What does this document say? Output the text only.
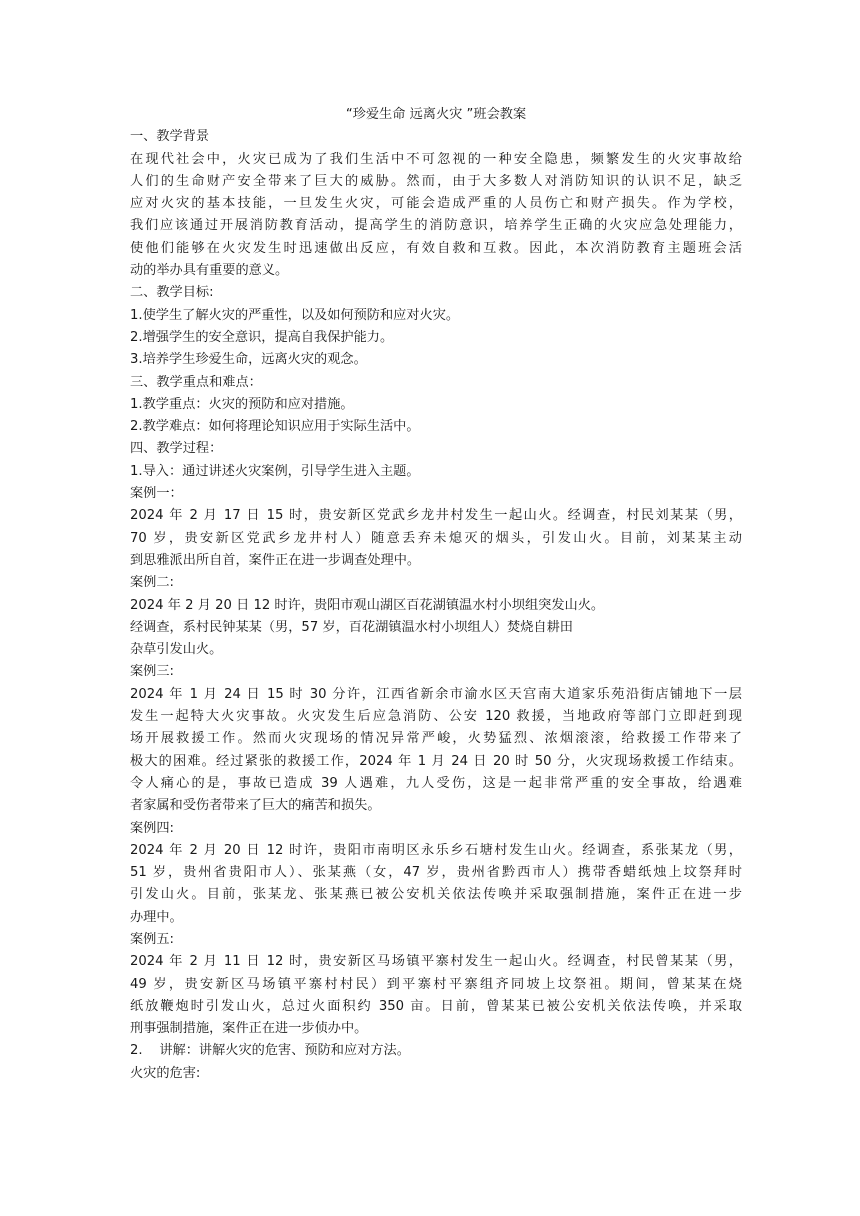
“珍爱生命 远离火灾 ”班会教案

一、教学背景

在现代社会中，火灾已成为了我们生活中不可忽视的一种安全隐患，频繁发生的火灾事故给
人们的生命财产安全带来了巨大的威胁。然而，由于大多数人对消防知识的认识不足，缺乏
应对火灾的基本技能，一旦发生火灾，可能会造成严重的人员伤亡和财产损失。作为学校，
我们应该通过开展消防教育活动，提高学生的消防意识，培养学生正确的火灾应急处理能力，
使他们能够在火灾发生时迅速做出反应，有效自救和互救。因此，本次消防教育主题班会活
动的举办具有重要的意义。

二、教学目标:

1.使学生了解火灾的严重性，以及如何预防和应对火灾。

2.增强学生的安全意识，提高自我保护能力。

3.培养学生珍爱生命，远离火灾的观念。

三、教学重点和难点：

1.教学重点：火灾的预防和应对措施。

2.教学难点：如何将理论知识应用于实际生活中。

四、教学过程：

1.导入：通过讲述火灾案例，引导学生进入主题。

案例一：

2024 年 2 月 17 日 15 时，贵安新区党武乡龙井村发生一起山火。经调查，村民刘某某（男，
70 岁，贵安新区党武乡龙井村人）随意丢弃未熄灭的烟头，引发山火。目前，刘某某主动
到思雅派出所自首，案件正在进一步调查处理中。

案例二:

2024 年 2 月 20 日 12 时许，贵阳市观山湖区百花湖镇温水村小坝组突发山火。
经调查，系村民钟某某（男，57 岁，百花湖镇温水村小坝组人）焚烧自耕田
杂草引发山火。

案例三:

2024 年 1 月 24 日 15 时 30 分许，江西省新余市渝水区天宫南大道家乐苑沿街店铺地下一层
发生一起特大火灾事故。火灾发生后应急消防、公安 120 救援，当地政府等部门立即赶到现
场开展救援工作。然而火灾现场的情况异常严峻，火势猛烈、浓烟滚滚，给救援工作带来了
极大的困难。经过紧张的救援工作，2024 年 1 月 24 日 20 时 50 分，火灾现场救援工作结束。
令人痛心的是，事故已造成 39 人遇难，九人受伤，这是一起非常严重的安全事故，给遇难
者家属和受伤者带来了巨大的痛苦和损失。

案例四:

2024 年 2 月 20 日 12 时许，贵阳市南明区永乐乡石塘村发生山火。经调查，系张某龙（男，
51 岁，贵州省贵阳市人）、张某燕（女，47 岁，贵州省黔西市人）携带香蜡纸烛上坟祭拜时
引发山火。目前，张某龙、张某燕已被公安机关依法传唤并采取强制措施，案件正在进一步
办理中。

案例五:

2024 年 2 月 11 日 12 时，贵安新区马场镇平寨村发生一起山火。经调查，村民曾某某（男，
49 岁，贵安新区马场镇平寨村村民）到平寨村平寨组齐同坡上坟祭祖。期间，曾某某在烧
纸放鞭炮时引发山火，总过火面积约 350 亩。日前，曾某某已被公安机关依法传唤，并采取
刑事强制措施，案件正在进一步侦办中。

2.    讲解：讲解火灾的危害、预防和应对方法。

火灾的危害:
